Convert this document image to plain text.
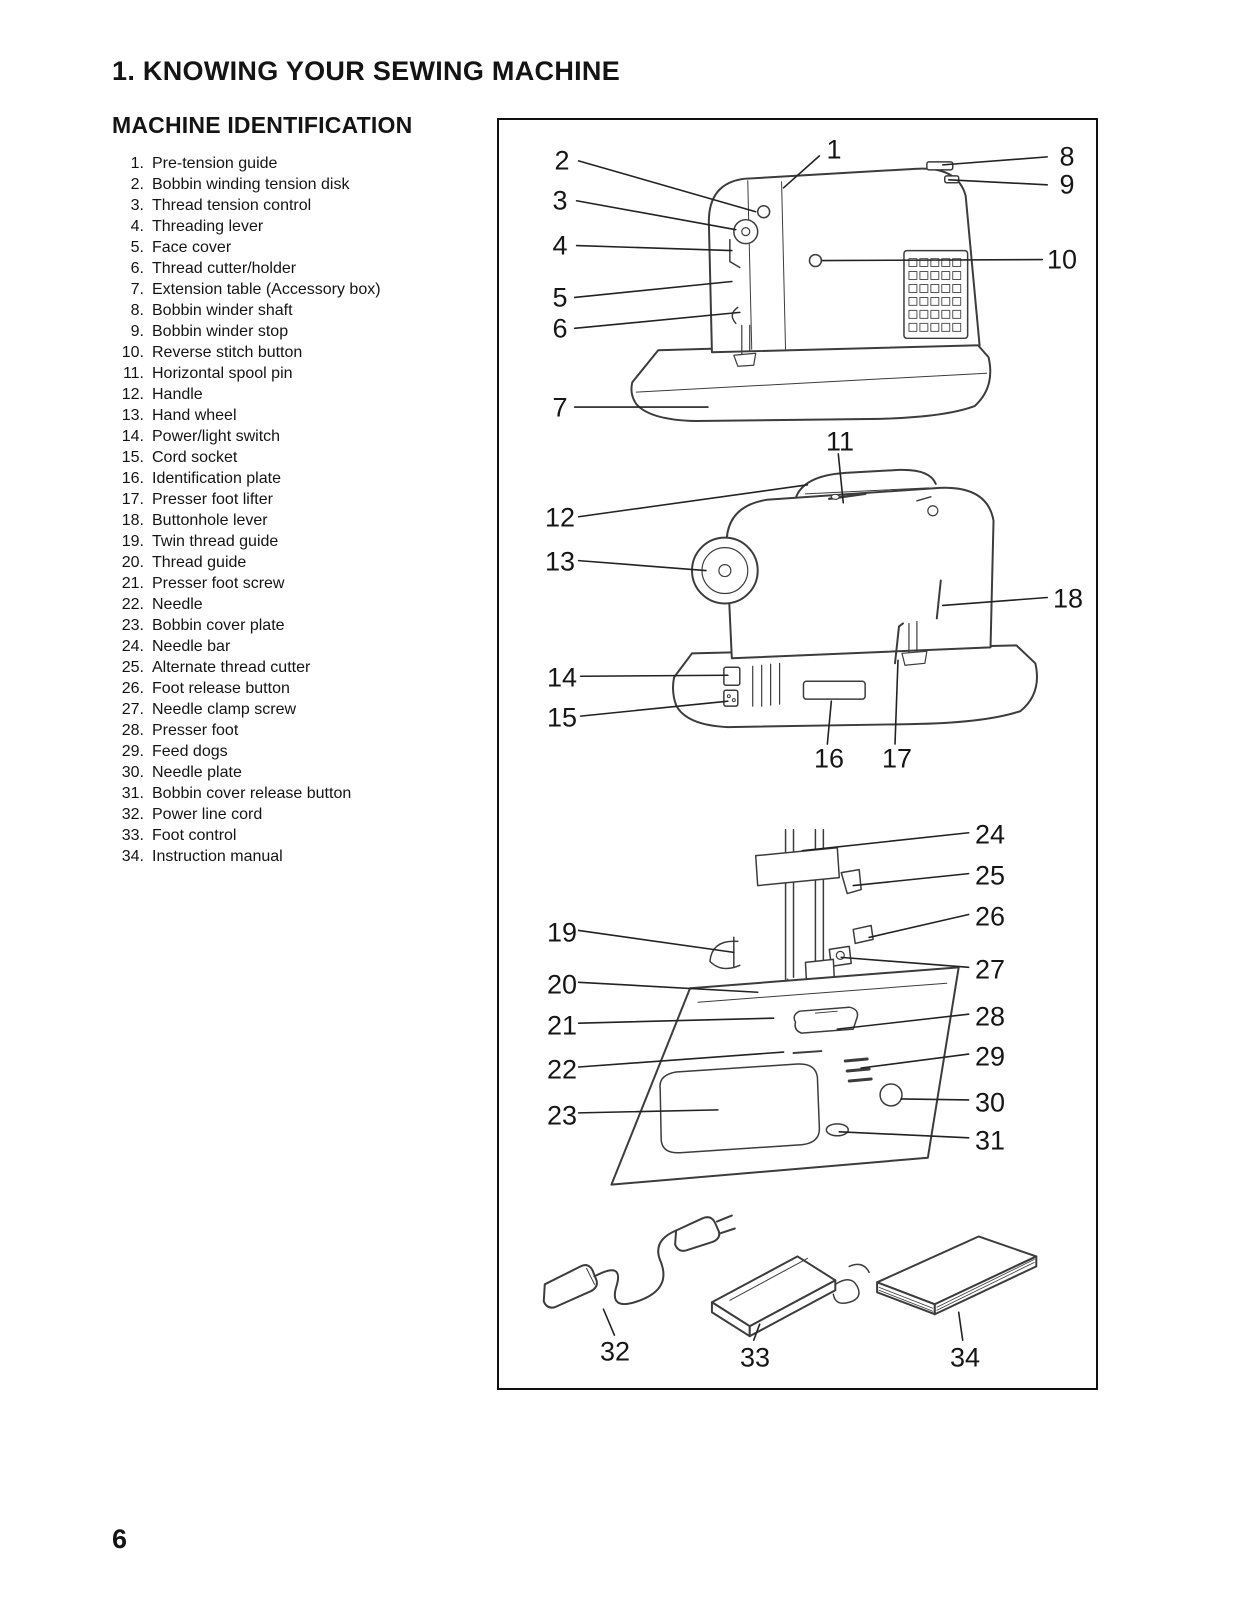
1. KNOWING YOUR SEWING MACHINE
MACHINE IDENTIFICATION
1. Pre-tension guide
2. Bobbin winding tension disk
3. Thread tension control
4. Threading lever
5. Face cover
6. Thread cutter/holder
7. Extension table (Accessory box)
8. Bobbin winder shaft
9. Bobbin winder stop
10. Reverse stitch button
11. Horizontal spool pin
12. Handle
13. Hand wheel
14. Power/light switch
15. Cord socket
16. Identification plate
17. Presser foot lifter
18. Buttonhole lever
19. Twin thread guide
20. Thread guide
21. Presser foot screw
22. Needle
23. Bobbin cover plate
24. Needle bar
25. Alternate thread cutter
26. Foot release button
27. Needle clamp screw
28. Presser foot
29. Feed dogs
30. Needle plate
31. Bobbin cover release button
32. Power line cord
33. Foot control
34. Instruction manual
1
2
3
4
5
6
7
8
9
10
11
12
13
14
15
16 17
18
19
20
21
22
23
24
25
26
27
28
29
30
31
32	33	34
6
